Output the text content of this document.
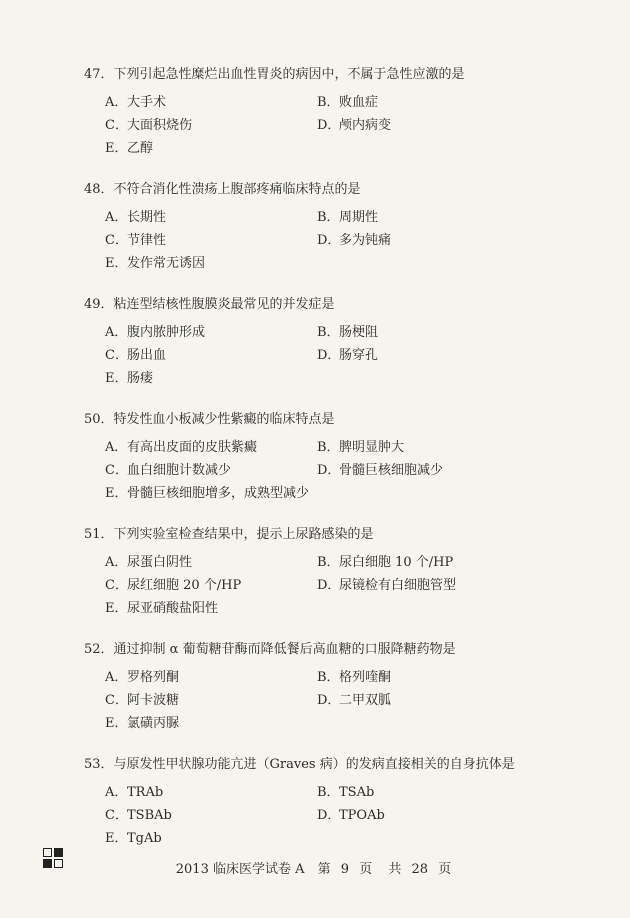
47．下列引起急性糜烂出血性胃炎的病因中，不属于急性应激的是
A．大手术	B．败血症
C．大面积烧伤	D．颅内病变
E．乙醇
48．不符合消化性溃疡上腹部疼痛临床特点的是
A．长期性	B．周期性
C．节律性	D．多为钝痛
E．发作常无诱因
49．粘连型结核性腹膜炎最常见的并发症是
A．腹内脓肿形成	B．肠梗阻
C．肠出血	D．肠穿孔
E．肠瘘
50．特发性血小板减少性紫癜的临床特点是
A．有高出皮面的皮肤紫癜	B．脾明显肿大
C．血白细胞计数减少	D．骨髓巨核细胞减少
E．骨髓巨核细胞增多，成熟型减少
51．下列实验室检查结果中，提示上尿路感染的是
A．尿蛋白阴性	B．尿白细胞 10 个/HP
C．尿红细胞 20 个/HP	D．尿镜检有白细胞管型
E．尿亚硝酸盐阳性
52．通过抑制 α 葡萄糖苷酶而降低餐后高血糖的口服降糖药物是
A．罗格列酮	B．格列喹酮
C．阿卡波糖	D．二甲双胍
E．氯磺丙脲
53．与原发性甲状腺功能亢进（Graves 病）的发病直接相关的自身抗体是
A．TRAb	B．TSAb
C．TSBAb	D．TPOAb
E．TgAb
2013 临床医学试卷 A 第 9 页 共 28 页
